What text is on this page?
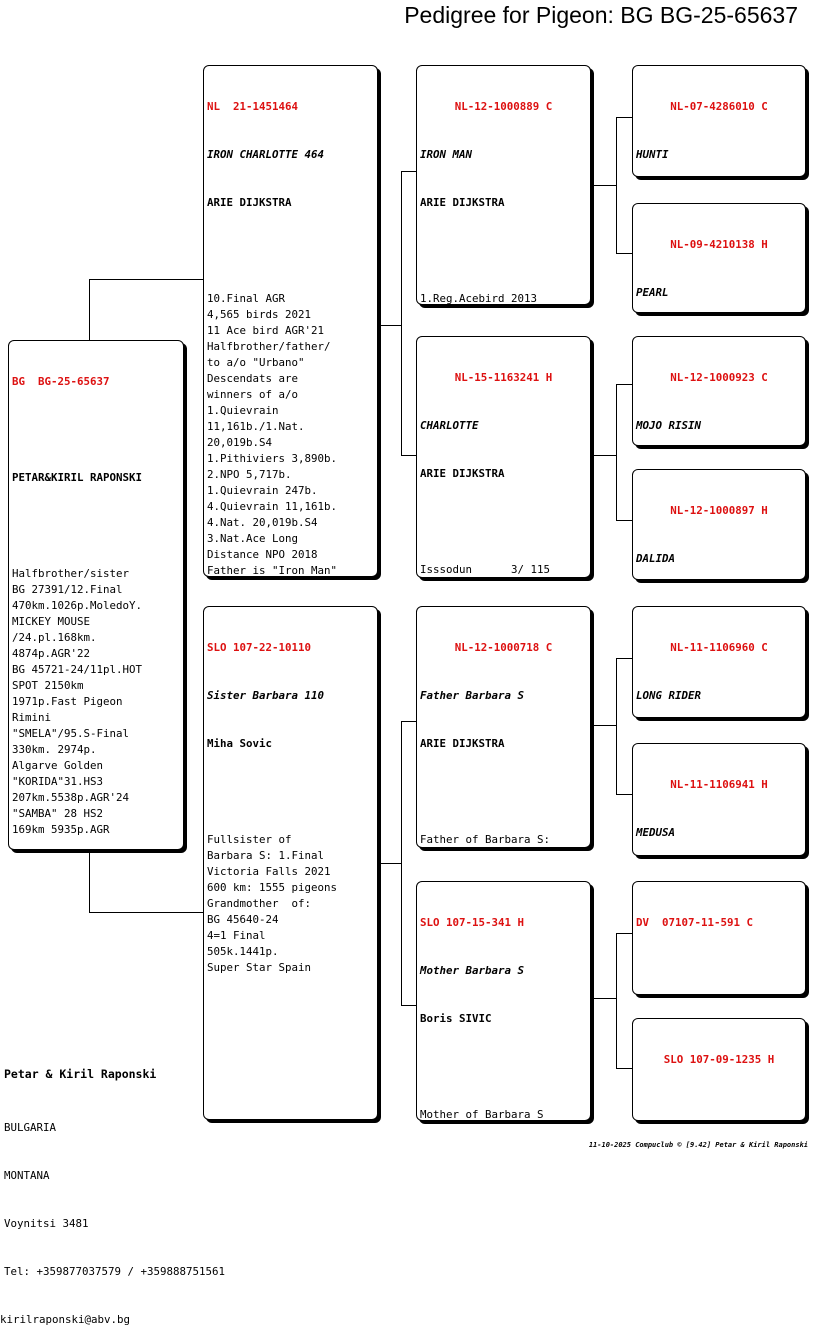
Pedigree for Pigeon: BG BG-25-65637

BG  BG-25-65637

PETAR&KIRIL RAPONSKI

Halfbrother/sister
BG 27391/12.Final
470km.1026p.MoledoY.
MICKEY MOUSE
/24.pl.168km.
4874p.AGR'22
BG 45721-24/11pl.HOT
SPOT 2150km
1971p.Fast Pigeon
Rimini
"SMELA"/95.S-Final
330km. 2974p.
Algarve Golden
"KORIDA"31.HS3
207km.5538p.AGR'24
"SAMBA" 28 HS2
169km 5935p.AGR

NL  21-1451464

IRON CHARLOTTE 464

ARIE DIJKSTRA

10.Final AGR
4,565 birds 2021
11 Ace bird AGR'21
Halfbrother/father/
to a/o "Urbano"
Descendats are
winners of a/o
1.Quievrain
11,161b./1.Nat.
20,019b.S4
1.Pithiviers 3,890b.
2.NPO 5,717b.
1.Quievrain 247b.
4.Quievrain 11,161b.
4.Nat. 20,019b.S4
3.Nat.Ace Long
Distance NPO 2018
Father is "Iron Man"

SLO 107-22-10110

Sister Barbara 110

Miha Sovic

Fullsister of
Barbara S: 1.Final
Victoria Falls 2021
600 km: 1555 pigeons
Grandmother  of:
BG 45640-24
4=1 Final
505k.1441p.
Super Star Spain

NL-12-1000889 C

IRON MAN

ARIE DIJKSTRA

1.Reg.Acebird 2013

NL-15-1163241 H

CHARLOTTE

ARIE DIJKSTRA

Isssodun      3/ 115

NL-12-1000718 C

Father Barbara S

ARIE DIJKSTRA

Father of Barbara S:

SLO 107-15-341 H

Mother Barbara S

Boris SIVIC

Mother of Barbara S

NL-07-4286010 C

HUNTI

NL-09-4210138 H

PEARL

NL-12-1000923 C

MOJO RISIN

NL-12-1000897 H

DALIDA

NL-11-1106960 C

LONG RIDER

NL-11-1106941 H

MEDUSA

DV  07107-11-591 C

SLO 107-09-1235 H

Petar & Kiril Raponski

BULGARIA

MONTANA

Voynitsi 3481

Tel: +359877037579 / +359888751561

kirilraponski@abv.bg

11-10-2025 Compuclub © [9.42] Petar & Kiril Raponski
